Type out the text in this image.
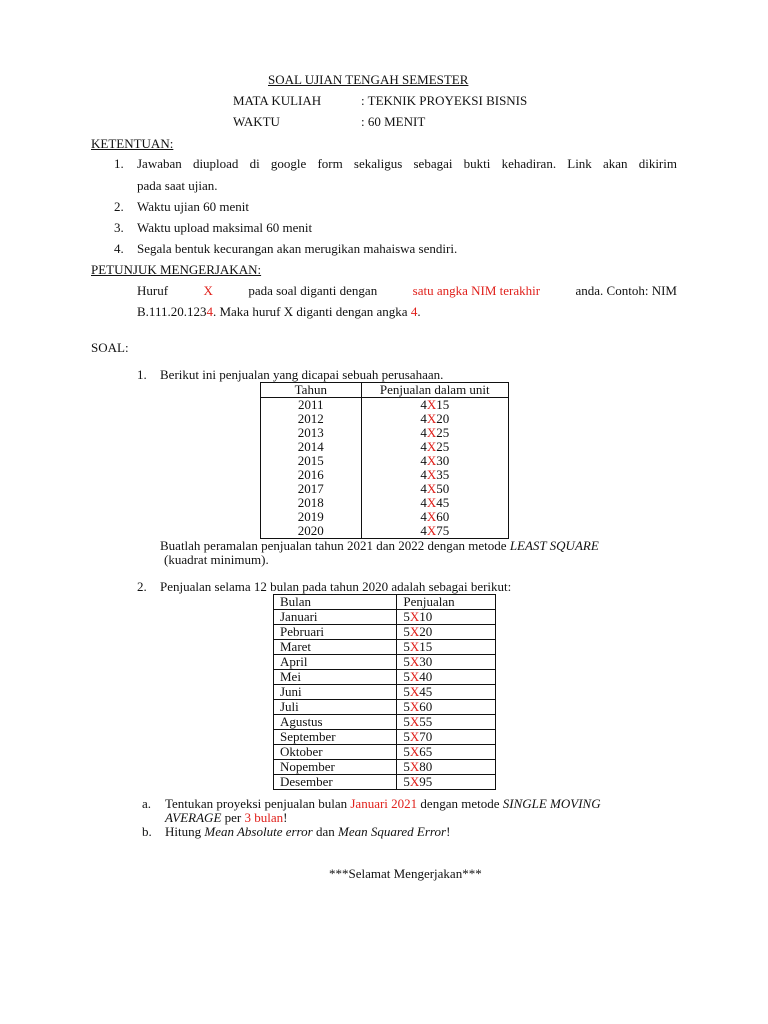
SOAL UJIAN TENGAH SEMESTER
MATA KULIAH	: TEKNIK PROYEKSI BISNIS
WAKTU	: 60 MENIT
KETENTUAN:
1. Jawaban diupload di google form sekaligus sebagai bukti kehadiran. Link akan dikirim
pada saat ujian.
2. Waktu ujian 60 menit
3. Waktu upload maksimal 60 menit
4. Segala bentuk kecurangan akan merugikan mahaiswa sendiri.
PETUNJUK MENGERJAKAN:
Huruf	X	pada soal diganti dengan	satu angka NIM terakhir	anda. Contoh: NIM
B.111.20.1234. Maka huruf X diganti dengan angka 4.
SOAL:
1. Berikut ini penjualan yang dicapai sebuah perusahaan.
Tahun	Penjualan dalam unit
2011	4X15
2012	4X20
2013	4X25
2014	4X25
2015	4X30
2016	4X35
2017	4X50
2018	4X45
2019	4X60
2020	4X75
Buatlah peramalan penjualan tahun 2021 dan 2022 dengan metode LEAST SQUARE
(kuadrat minimum).
2. Penjualan selama 12 bulan pada tahun 2020 adalah sebagai berikut:
Bulan	Penjualan
Januari	5X10
Pebruari	5X20
Maret	5X15
April	5X30
Mei	5X40
Juni	5X45
Juli	5X60
Agustus	5X55
September	5X70
Oktober	5X65
Nopember	5X80
Desember	5X95
a. Tentukan proyeksi penjualan bulan Januari 2021 dengan metode SINGLE MOVING
AVERAGE per 3 bulan!
b. Hitung Mean Absolute error dan Mean Squared Error!
***Selamat Mengerjakan***
